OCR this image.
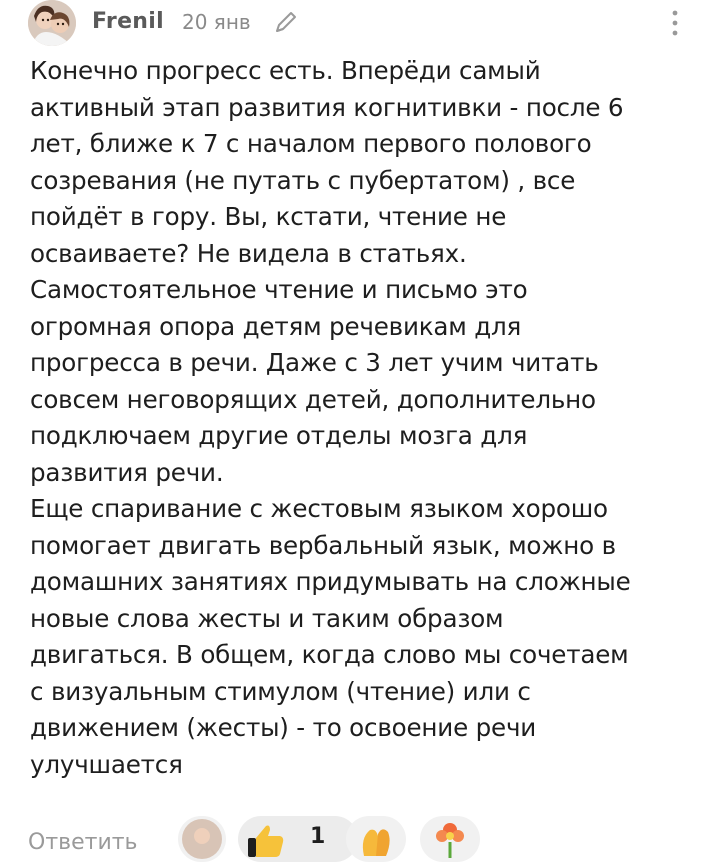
Frenil 20 янв

Конечно прогресс есть. Вперёди самый
активный этап развития когнитивки - после 6
лет, ближе к 7 с началом первого полового
созревания (не путать с пубертатом) , все
пойдёт в гору. Вы, кстати, чтение не
осваиваете? Не видела в статьях.
Самостоятельное чтение и письмо это
огромная опора детям речевикам для
прогресса в речи. Даже с 3 лет учим читать
совсем неговорящих детей, дополнительно
подключаем другие отделы мозга для
развития речи.
Еще спаривание с жестовым языком хорошо
помогает двигать вербальный язык, можно в
домашних занятиях придумывать на сложные
новые слова жесты и таким образом
двигаться. В общем, когда слово мы сочетаем
с визуальным стимулом (чтение) или с
движением (жесты) - то освоение речи
улучшается

Ответить	1
